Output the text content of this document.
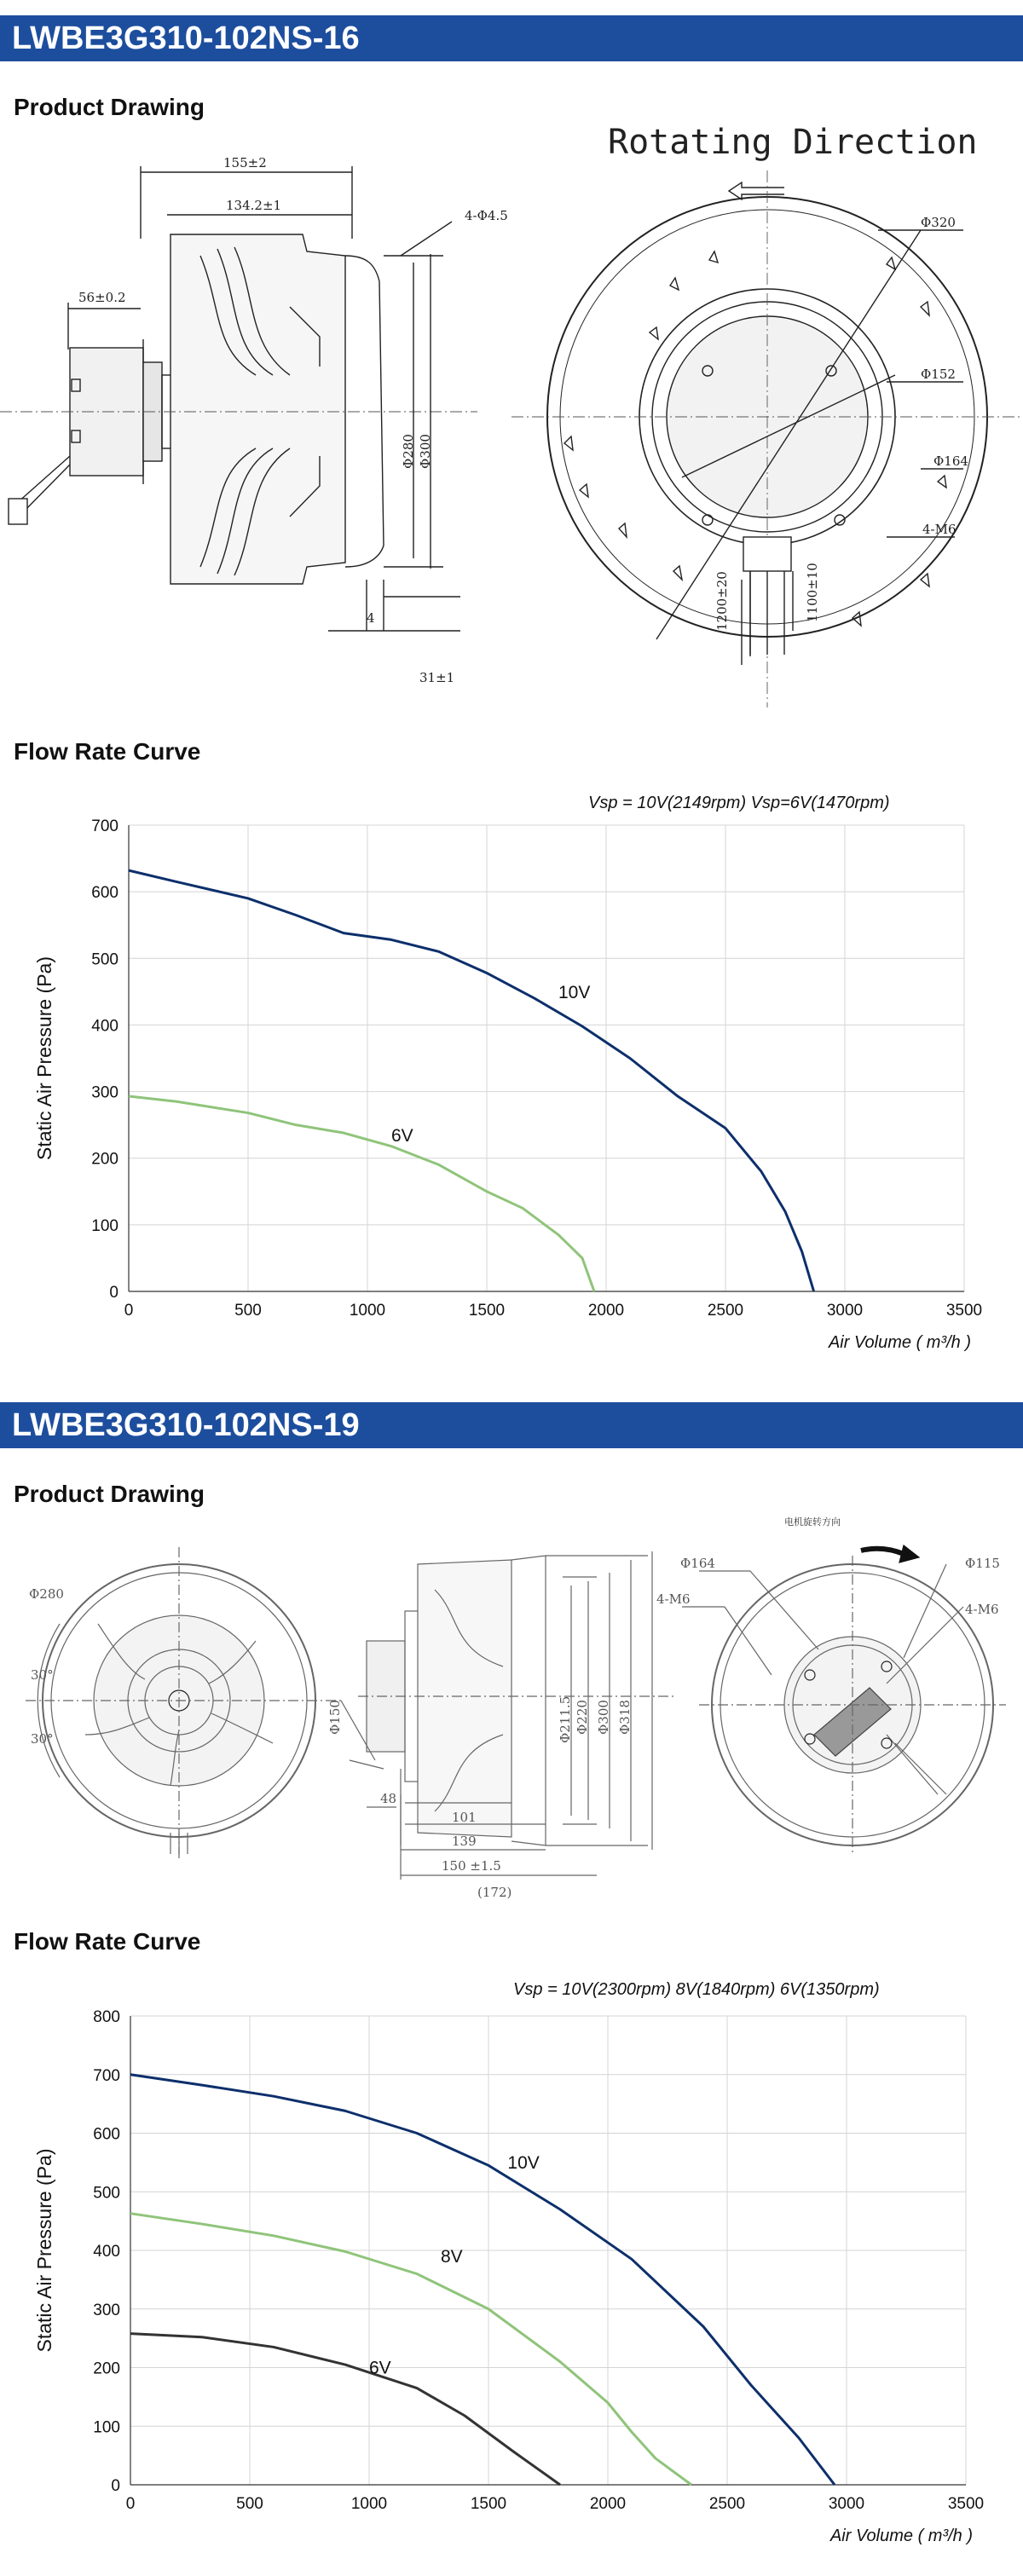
LWBE3G310-102NS-16
Product Drawing
155±2
134.2±1
56±0.2
4-Φ4.5
Φ280 Φ300
4
31±1
Rotating Direction
Φ320
Φ152
Φ164
4-M6
1200±20	1100±10
Flow Rate Curve
Vsp = 10V(2149rpm) Vsp=6V(1470rpm)
0	500	1000	1500	2000	2500	3000	3500
0
100
200
300
400
500
600
700
Air Volume ( m³/h )
Static Air Pressure (Pa)	10V
6V
LWBE3G310-102NS-19
Product Drawing
Φ280
30°
30°
Φ150	Φ211.5 Φ220 Φ300 Φ318
48
101
139
150 ±1.5
(172)
Φ164
4-M6
Φ115
4-M6
电机旋转方向
Flow Rate Curve
Vsp = 10V(2300rpm) 8V(1840rpm) 6V(1350rpm)
0	500	1000	1500	2000	2500	3000	3500
0
100
200
300
400
500
600
700
800
Air Volume ( m³/h )
Static Air Pressure (Pa)	10V
8V
6V
